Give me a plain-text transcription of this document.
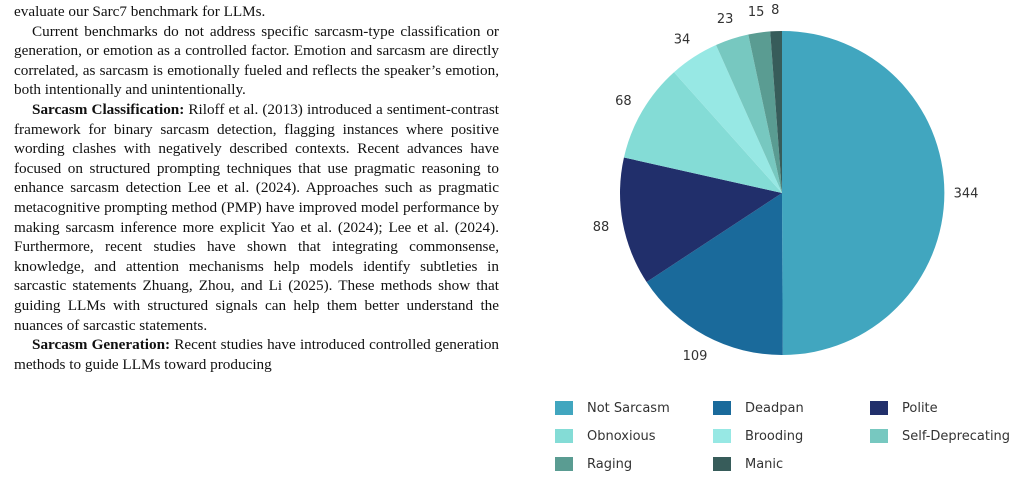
evaluate our Sarc7 benchmark for LLMs.

Current benchmarks do not address specific sarcasm-type classification or generation, or emotion as a controlled factor. Emotion and sarcasm are directly correlated, as sarcasm is emotionally fueled and reflects the speaker’s emotion, both intentionally and unintentionally.

Sarcasm Classification: Riloff et al. (2013) introduced a sentiment-contrast framework for binary sarcasm detection, flagging instances where positive wording clashes with negatively described contexts. Recent advances have focused on structured prompting techniques that use pragmatic reasoning to enhance sarcasm detection Lee et al. (2024). Approaches such as pragmatic metacognitive prompting method (PMP) have improved model performance by making sarcasm inference more explicit Yao et al. (2024); Lee et al. (2024). Furthermore, recent studies have shown that integrating commonsense, knowledge, and attention mechanisms help models identify subtleties in sarcastic statements Zhuang, Zhou, and Li (2025). These methods show that guiding LLMs with structured signals can help them better understand the nuances of sarcastic statements.

Sarcasm Generation: Recent studies have introduced controlled generation methods to guide LLMs toward producing

344
109
88
68
34
23 15 8
Not Sarcasm	Deadpan	Polite
Obnoxious	Brooding	Self-Deprecating
Raging	Manic
